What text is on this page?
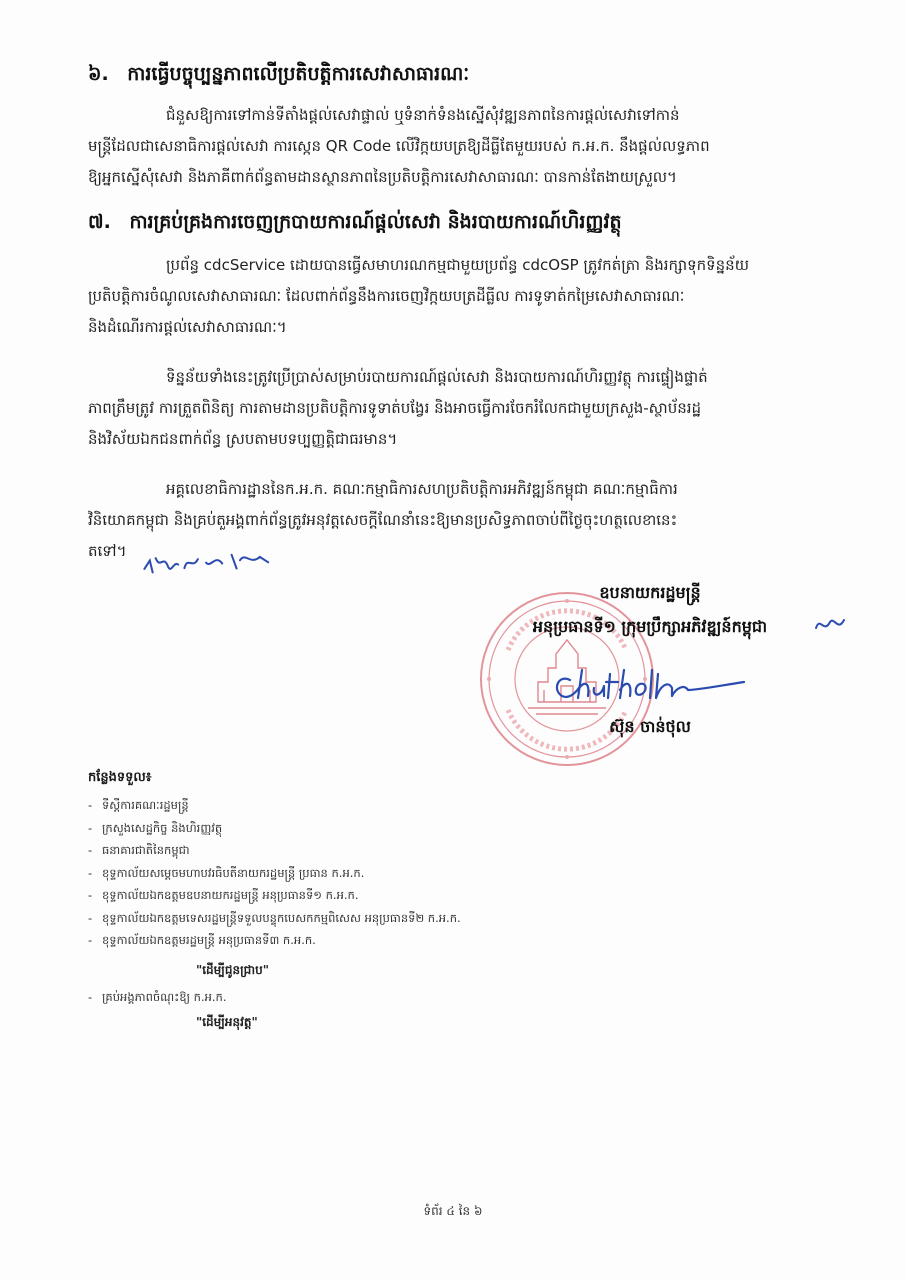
៦. ការធ្វើបច្ចុប្បន្នភាពលើប្រតិបត្តិការសេវាសាធារណៈ
ជំនួសឱ្យការទៅកាន់ទីតាំងផ្តល់សេវាផ្ទាល់ ឬទំនាក់ទំនងស្នើសុំវឌ្ឍនភាពនៃការផ្តល់សេវាទៅកាន់
មន្ត្រីដែលជាសេនាធិការផ្តល់សេវា ការស្កេន QR Code លើវិក្កយបត្រឱ្យដីធ្លីតែមួយរបស់ ក.អ.ក. នឹងផ្តល់លទ្ធភាព
ឱ្យអ្នកស្នើសុំសេវា និងភាគីពាក់ព័ន្ធតាមដានស្ថានភាពនៃប្រតិបត្តិការសេវាសាធារណៈ បានកាន់តែងាយស្រួល។
៧. ការគ្រប់គ្រងការចេញក្របាយការណ៍ផ្តល់សេវា និងរបាយការណ៍ហិរញ្ញវត្ថុ
ប្រព័ន្ធ cdcService ដោយបានធ្វើសមាហរណកម្មជាមួយប្រព័ន្ធ cdcOSP ត្រូវកត់ត្រា និងរក្សាទុកទិន្នន័យ
ប្រតិបត្តិការចំណូលសេវាសាធារណៈ ដែលពាក់ព័ន្ធនឹងការចេញវិក្កយបត្រដីធ្លីល ការទូទាត់កម្រៃសេវាសាធារណៈ
និងដំណើរការផ្តល់សេវាសាធារណៈ។
ទិន្នន័យទាំងនេះត្រូវប្រើប្រាស់សម្រាប់របាយការណ៍ផ្តល់សេវា និងរបាយការណ៍ហិរញ្ញវត្ថុ ការផ្ទៀងផ្ទាត់
ភាពត្រឹមត្រូវ ការត្រួតពិនិត្យ ការតាមដានប្រតិបត្តិការទូទាត់បង្វែរ និងអាចធ្វើការចែករំលែកជាមួយក្រសួង-ស្ថាប័នរដ្ឋ
និងវិស័យឯកជនពាក់ព័ន្ធ ស្របតាមបទប្បញ្ញត្តិជាធរមាន។
អគ្គលេខាធិការដ្ឋាននៃក.អ.ក. គណៈកម្មាធិការសហប្រតិបត្តិការអភិវឌ្ឍន៍កម្ពុជា គណៈកម្មាធិការ
វិនិយោគកម្ពុជា និងគ្រប់តួអង្គពាក់ព័ន្ធត្រូវអនុវត្តសេចក្តីណែនាំនេះឱ្យមានប្រសិទ្ធភាពចាប់ពីថ្ងៃចុះហត្ថលេខានេះ
តទៅ។
ឧបនាយករដ្ឋមន្ត្រី
អនុប្រធានទី១ ក្រុមប្រឹក្សាអភិវឌ្ឍន៍កម្ពុជា
ស៊ុន ចាន់ថុល
កន្លែងទទួល៖
- ទីស្តីការគណៈរដ្ឋមន្ត្រី
- ក្រសួងសេដ្ឋកិច្ច និងហិរញ្ញវត្ថុ
- ធនាគារជាតិនៃកម្ពុជា
- ខុទ្ទកាល័យសម្តេចមហាបវរធិបតីនាយករដ្ឋមន្ត្រី ប្រធាន ក.អ.ក.
- ខុទ្ទកាល័យឯកឧត្តមឧបនាយករដ្ឋមន្ត្រី អនុប្រធានទី១ ក.អ.ក.
- ខុទ្ទកាល័យឯកឧត្តមទេសរដ្ឋមន្ត្រីទទួលបន្ទុកបេសកកម្មពិសេស អនុប្រធានទី២ ក.អ.ក.
- ខុទ្ទកាល័យឯកឧត្តមរដ្ឋមន្ត្រី អនុប្រធានទី៣ ក.អ.ក.
"ដើម្បីជូនជ្រាប"
- គ្រប់អង្គភាពចំណុះឱ្យ ក.អ.ក.
"ដើម្បីអនុវត្ត"
ទំព័រ ៤ នៃ ៦
